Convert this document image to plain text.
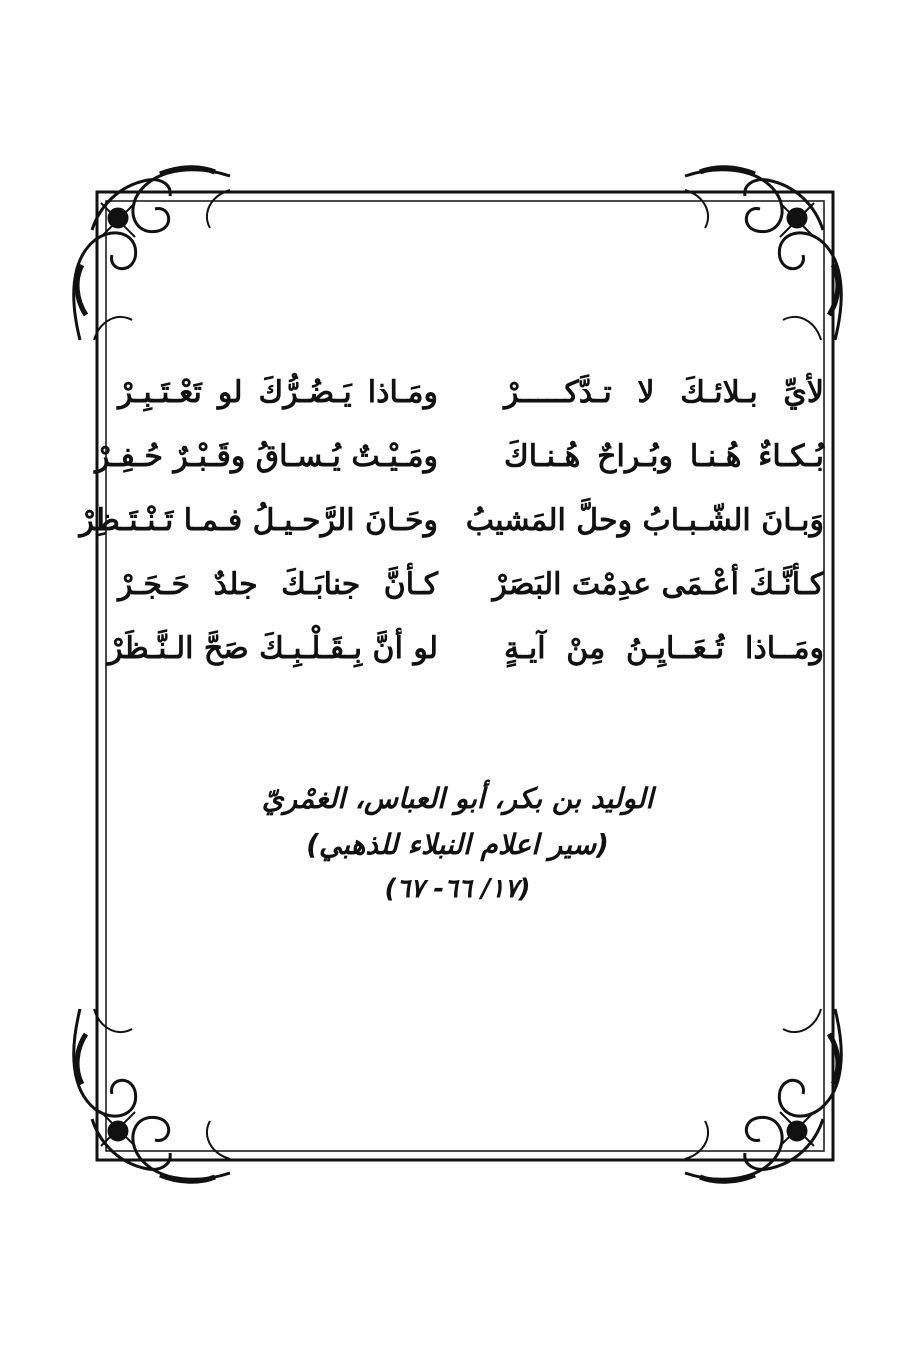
لأيِّ بـلائـكَ لا تـدَّكـــــرْ
ومَـاذا يَـضُـرُّكَ لو تَعْـتَـبِـرْ
بُـكـاءٌ هُـنـا وبُـراحٌ هُـنـاكَ
ومَـيْـتٌ يُـسـاقُ وقَـبْـرٌ حُـفِـرْ
وَبـانَ الشّـبـابُ وحلَّ المَشيبُ
وحَـانَ الرَّحـيـلُ فـمـا تَـنْـتَـظِرْ
كـأنَّـكَ أعْـمَى عدِمْتَ البَصَرْ
كـأنَّ جنابَـكَ جلدٌ حَـجَـرْ
ومَــاذا تُـعَــايِـنُ مِنْ آيـةٍ
لو أنَّ بِـقَـلْـبِـكَ صَحَّ الـنَّـظَرْ
الوليد بن بكر، أبو العباس، الغمْريّ
(سير اعلام النبلاء للذهبي)
(١٧/ ٦٦- ٦٧)
